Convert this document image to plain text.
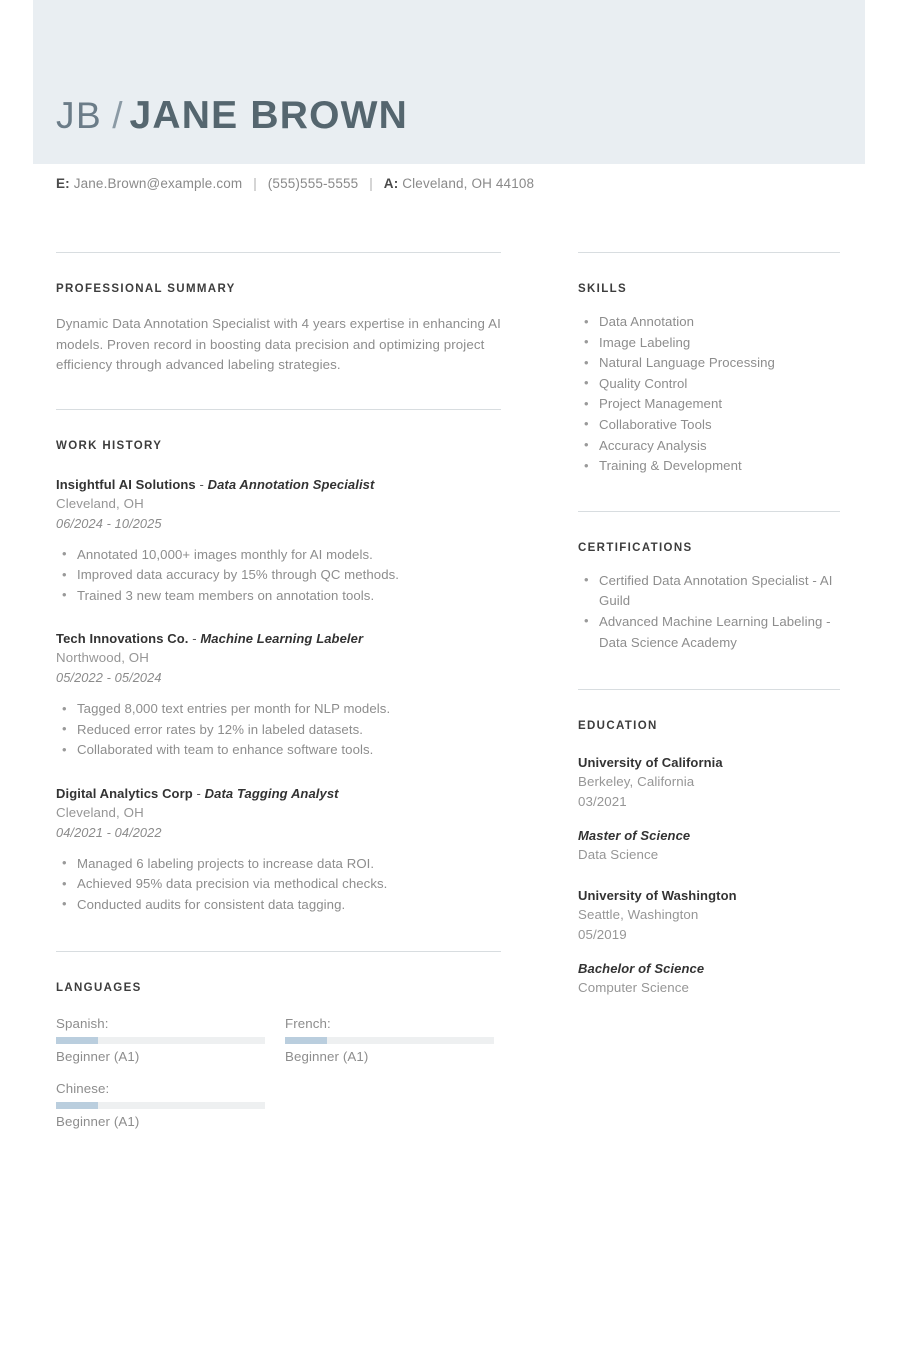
JB / JANE BROWN
E: Jane.Brown@example.com | (555)555-5555 | A: Cleveland, OH 44108
PROFESSIONAL SUMMARY
Dynamic Data Annotation Specialist with 4 years expertise in enhancing AI models. Proven record in boosting data precision and optimizing project efficiency through advanced labeling strategies.
WORK HISTORY
Insightful AI Solutions - Data Annotation Specialist
Cleveland, OH
06/2024 - 10/2025
• Annotated 10,000+ images monthly for AI models.
• Improved data accuracy by 15% through QC methods.
• Trained 3 new team members on annotation tools.
Tech Innovations Co. - Machine Learning Labeler
Northwood, OH
05/2022 - 05/2024
• Tagged 8,000 text entries per month for NLP models.
• Reduced error rates by 12% in labeled datasets.
• Collaborated with team to enhance software tools.
Digital Analytics Corp - Data Tagging Analyst
Cleveland, OH
04/2021 - 04/2022
• Managed 6 labeling projects to increase data ROI.
• Achieved 95% data precision via methodical checks.
• Conducted audits for consistent data tagging.
LANGUAGES
Spanish:
Beginner (A1)
French:
Beginner (A1)
Chinese:
Beginner (A1)
SKILLS
• Data Annotation
• Image Labeling
• Natural Language Processing
• Quality Control
• Project Management
• Collaborative Tools
• Accuracy Analysis
• Training & Development
CERTIFICATIONS
• Certified Data Annotation Specialist - AI Guild
• Advanced Machine Learning Labeling - Data Science Academy
EDUCATION
University of California
Berkeley, California
03/2021
Master of Science
Data Science
University of Washington
Seattle, Washington
05/2019
Bachelor of Science
Computer Science
